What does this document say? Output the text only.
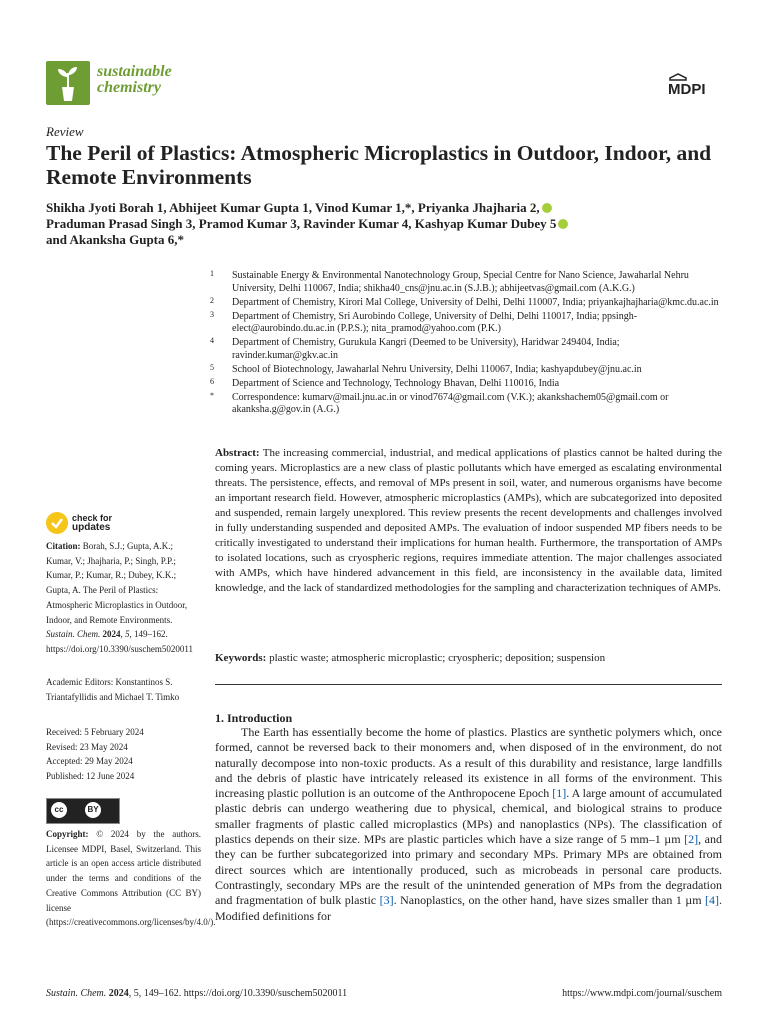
sustainable
chemistry	MDPI
Review
The Peril of Plastics: Atmospheric Microplastics in Outdoor, Indoor, and Remote Environments
Shikha Jyoti Borah 1, Abhijeet Kumar Gupta 1, Vinod Kumar 1,*, Priyanka Jhajharia 2,
Praduman Prasad Singh 3, Pramod Kumar 3, Ravinder Kumar 4, Kashyap Kumar Dubey 5
and Akanksha Gupta 6,*
1 Sustainable Energy & Environmental Nanotechnology Group, Special Centre for Nano Science, Jawaharlal Nehru University, Delhi 110067, India; shikha40_cns@jnu.ac.in (S.J.B.); abhijeetvas@gmail.com (A.K.G.)
2 Department of Chemistry, Kirori Mal College, University of Delhi, Delhi 110007, India; priyankajhajharia@kmc.du.ac.in
3 Department of Chemistry, Sri Aurobindo College, University of Delhi, Delhi 110017, India; ppsingh-elect@aurobindo.du.ac.in (P.P.S.); nita_pramod@yahoo.com (P.K.)
4 Department of Chemistry, Gurukula Kangri (Deemed to be University), Haridwar 249404, India; ravinder.kumar@gkv.ac.in
5 School of Biotechnology, Jawaharlal Nehru University, Delhi 110067, India; kashyapdubey@jnu.ac.in
6 Department of Science and Technology, Technology Bhavan, Delhi 110016, India
* Correspondence: kumarv@mail.jnu.ac.in or vinod7674@gmail.com (V.K.); akankshachem05@gmail.com or akanksha.g@gov.in (A.G.)

Abstract: The increasing commercial, industrial, and medical applications of plastics cannot be halted during the coming years. Microplastics are a new class of plastic pollutants which have emerged as escalating environmental threats. The persistence, effects, and removal of MPs present in soil, water, and numerous organisms have become an important research field. However, atmospheric microplastics (AMPs), which are subcategorized into deposited and suspended, remain largely unexplored. This review presents the recent developments and challenges involved in fully understanding suspended and deposited AMPs. The evaluation of indoor suspended MP fibers needs to be critically investigated to understand their implications for human health. Furthermore, the transportation of AMPs to isolated locations, such as cryospheric regions, requires immediate attention. The major challenges associated with AMPs, which have hindered advancement in this field, are inconsistency in the available data, limited knowledge, and the lack of standardized methodologies for the sampling and characterization techniques of AMPs.

Keywords: plastic waste; atmospheric microplastic; cryospheric; deposition; suspension
check for
updates
Citation: Borah, S.J.; Gupta, A.K.; Kumar, V.; Jhajharia, P.; Singh, P.P.; Kumar, P.; Kumar, R.; Dubey, K.K.; Gupta, A. The Peril of Plastics: Atmospheric Microplastics in Outdoor, Indoor, and Remote Environments. Sustain. Chem. 2024, 5, 149–162. https://doi.org/10.3390/suschem5020011
Academic Editors: Konstantinos S. Triantafyllidis and Michael T. Timko
Received: 5 February 2024
Revised: 23 May 2024
Accepted: 29 May 2024
Published: 12 June 2024
cc	BY
Copyright: © 2024 by the authors. Licensee MDPI, Basel, Switzerland. This article is an open access article distributed under the terms and conditions of the Creative Commons Attribution (CC BY) license (https://creativecommons.org/licenses/by/4.0/).
1. Introduction

The Earth has essentially become the home of plastics. Plastics are synthetic polymers which, once formed, cannot be reversed back to their monomers and, when disposed of in the environment, do not naturally decompose into non-toxic products. As a result of this durability and resistance, large landfills and the debris of plastic have intricately released its existence in all forms of the environment. This increasing plastic pollution is an outcome of the Anthropocene Epoch [1]. A large amount of accumulated plastic debris can undergo weathering due to physical, chemical, and biological strains to produce smaller fragments of plastic called microplastics (MPs) and nanoplastics (NPs). The classification of plastics depends on their size. MPs are plastic particles which have a size range of 5 mm–1 µm [2], and they can be further subcategorized into primary and secondary MPs. Primary MPs are obtained from direct sources which are intentionally produced, such as microbeads in personal care products. Contrastingly, secondary MPs are the result of the unintended generation of MPs from the degradation and fragmentation of bulk plastic [3]. Nanoplastics, on the other hand, have sizes smaller than 1 µm [4]. Modified definitions for

Sustain. Chem. 2024, 5, 149–162. https://doi.org/10.3390/suschem5020011	https://www.mdpi.com/journal/suschem
